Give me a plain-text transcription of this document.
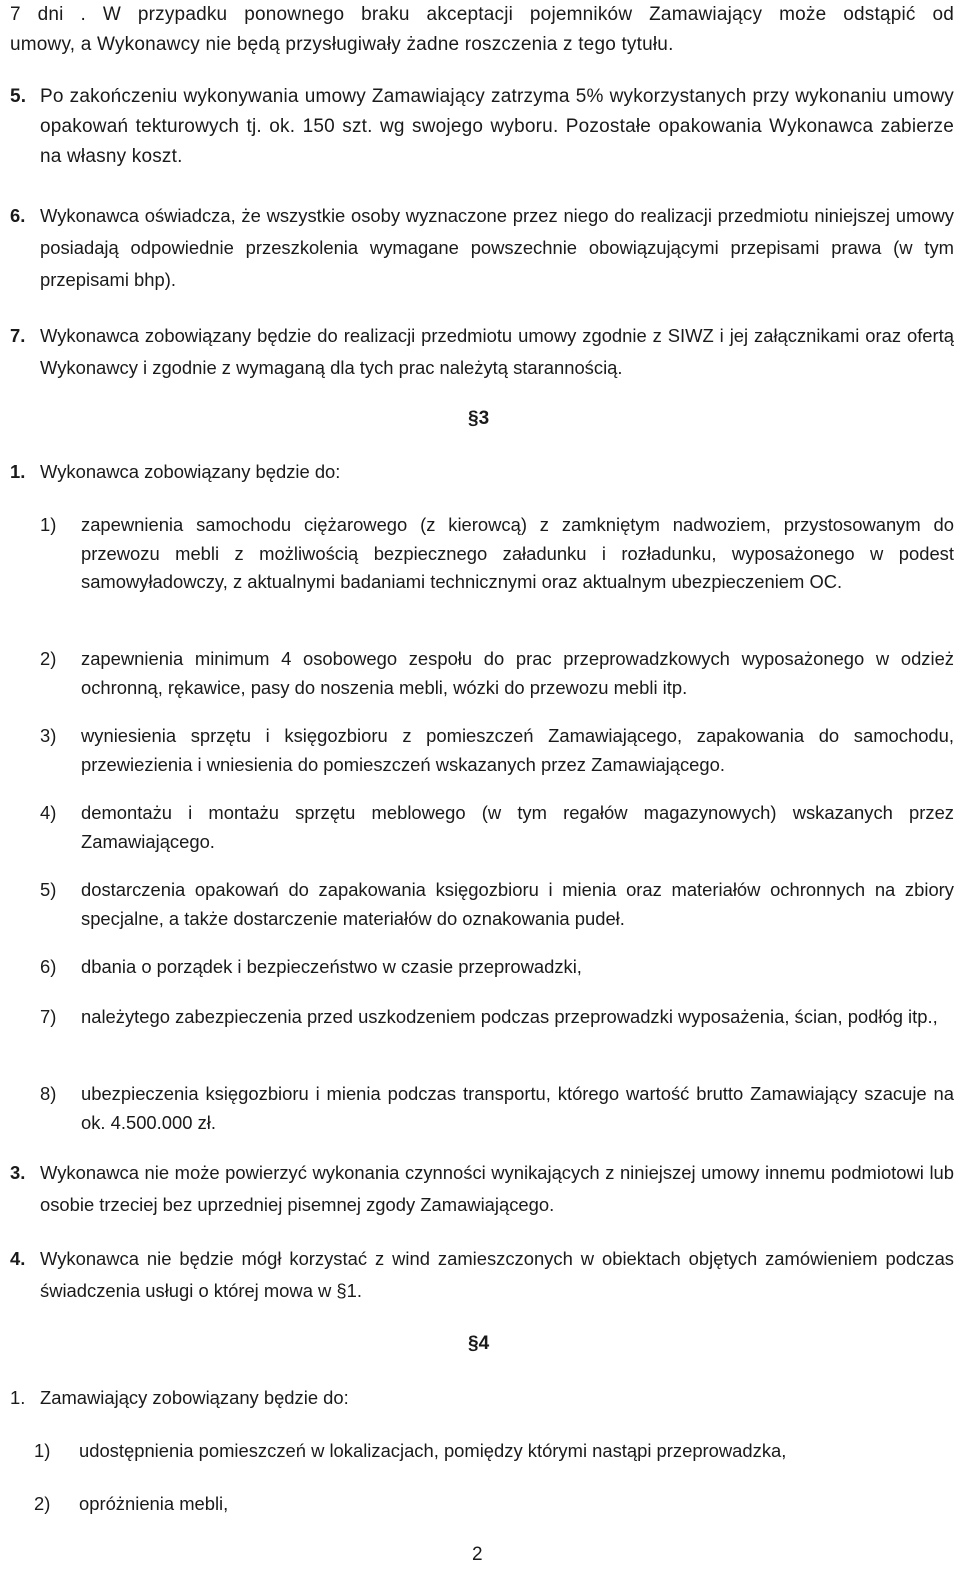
7 dni . W przypadku ponownego braku akceptacji pojemników Zamawiający może odstąpić od

umowy, a Wykonawcy nie będą przysługiwały żadne roszczenia z tego tytułu.

5. Po zakończeniu wykonywania umowy Zamawiający zatrzyma 5% wykorzystanych przy wykonaniu umowy opakowań tekturowych tj. ok. 150 szt. wg swojego wyboru. Pozostałe opakowania Wykonawca zabierze na własny koszt.
6. Wykonawca oświadcza, że wszystkie osoby wyznaczone przez niego do realizacji przedmiotu niniejszej umowy posiadają odpowiednie przeszkolenia wymagane powszechnie obowiązującymi przepisami prawa (w tym przepisami bhp).
7. Wykonawca zobowiązany będzie do realizacji przedmiotu umowy zgodnie z SIWZ i jej załącznikami oraz ofertą Wykonawcy i zgodnie z wymaganą dla tych prac należytą starannością.
§3
1. Wykonawca zobowiązany będzie do:
1)	zapewnienia samochodu ciężarowego (z kierowcą) z zamkniętym nadwoziem, przystosowanym do przewozu mebli z możliwością bezpiecznego załadunku i rozładunku, wyposażonego w podest samowyładowczy, z aktualnymi badaniami technicznymi oraz aktualnym ubezpieczeniem OC.
2)	zapewnienia minimum 4 osobowego zespołu do prac przeprowadzkowych wyposażonego w odzież ochronną, rękawice, pasy do noszenia mebli, wózki do przewozu mebli itp.
3)	wyniesienia sprzętu i księgozbioru z pomieszczeń Zamawiającego, zapakowania do samochodu, przewiezienia i wniesienia do pomieszczeń wskazanych przez Zamawiającego.
4)	demontażu i montażu sprzętu meblowego (w tym regałów magazynowych) wskazanych przez Zamawiającego.
5)	dostarczenia opakowań do zapakowania księgozbioru i mienia oraz materiałów ochronnych na zbiory specjalne, a także dostarczenie materiałów do oznakowania pudeł.
6)	dbania o porządek i bezpieczeństwo w czasie przeprowadzki,
7)	należytego zabezpieczenia przed uszkodzeniem podczas przeprowadzki wyposażenia, ścian, podłóg itp.,
8)	ubezpieczenia księgozbioru i mienia podczas transportu, którego wartość brutto Zamawiający szacuje na ok. 4.500.000 zł.
3. Wykonawca nie może powierzyć wykonania czynności wynikających z niniejszej umowy innemu podmiotowi lub osobie trzeciej bez uprzedniej pisemnej zgody Zamawiającego.
4. Wykonawca nie będzie mógł korzystać z wind zamieszczonych w obiektach objętych zamówieniem podczas świadczenia usługi o której mowa w §1.
§4
1. Zamawiający zobowiązany będzie do:
1)	udostępnienia pomieszczeń w lokalizacjach, pomiędzy którymi nastąpi przeprowadzka,
2)	opróżnienia mebli,
2
